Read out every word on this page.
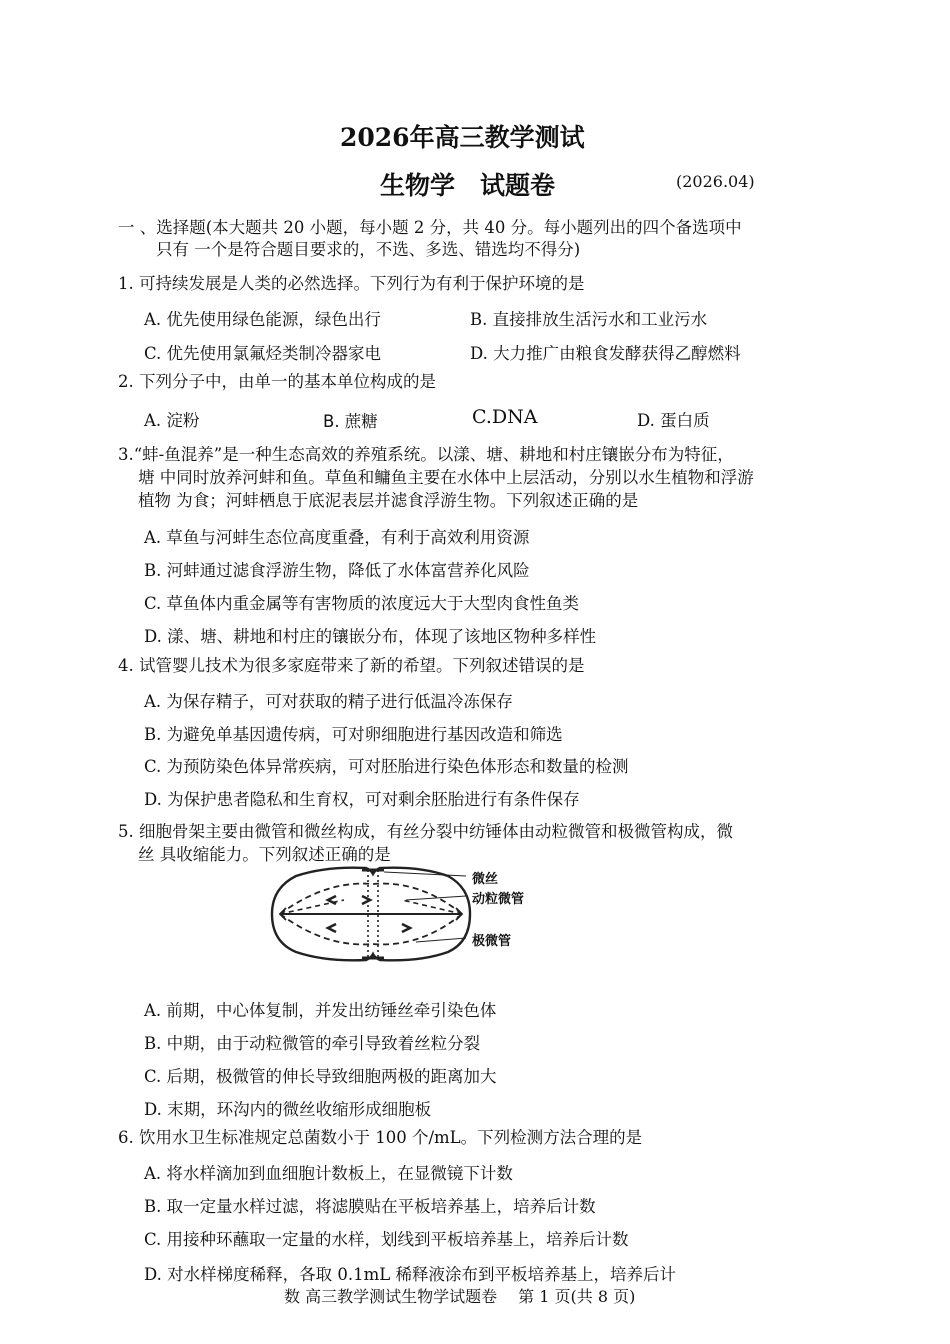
2026年高三教学测试
生物学　试题卷	(2026.04)
一 、选择题(本大题共 20 小题，每小题 2 分，共 40 分。每小题列出的四个备选项中
只有 一个是符合题目要求的，不选、多选、错选均不得分)
1. 可持续发展是人类的必然选择。下列行为有利于保护环境的是
A. 优先使用绿色能源，绿色出行	B. 直接排放生活污水和工业污水
C. 优先使用氯氟烃类制冷器家电	D. 大力推广由粮食发酵获得乙醇燃料
2. 下列分子中，由单一的基本单位构成的是
A. 淀粉	B. 蔗糖	C.DNA	D. 蛋白质
3.“蚌-鱼混养”是一种生态高效的养殖系统。以漾、塘、耕地和村庄镶嵌分布为特征，
塘 中同时放养河蚌和鱼。草鱼和鳙鱼主要在水体中上层活动，分别以水生植物和浮游
植物 为食；河蚌栖息于底泥表层并滤食浮游生物。下列叙述正确的是
A. 草鱼与河蚌生态位高度重叠，有利于高效利用资源
B. 河蚌通过滤食浮游生物，降低了水体富营养化风险
C. 草鱼体内重金属等有害物质的浓度远大于大型肉食性鱼类
D. 漾、塘、耕地和村庄的镶嵌分布，体现了该地区物种多样性
4. 试管婴儿技术为很多家庭带来了新的希望。下列叙述错误的是
A. 为保存精子，可对获取的精子进行低温冷冻保存
B. 为避免单基因遗传病，可对卵细胞进行基因改造和筛选
C. 为预防染色体异常疾病，可对胚胎进行染色体形态和数量的检测
D. 为保护患者隐私和生育权，可对剩余胚胎进行有条件保存
5. 细胞骨架主要由微管和微丝构成，有丝分裂中纺锤体由动粒微管和极微管构成，微
丝 具收缩能力。下列叙述正确的是
微丝
动粒微管
极微管
A. 前期，中心体复制，并发出纺锤丝牵引染色体
B. 中期，由于动粒微管的牵引导致着丝粒分裂
C. 后期，极微管的伸长导致细胞两极的距离加大
D. 末期，环沟内的微丝收缩形成细胞板
6. 饮用水卫生标准规定总菌数小于 100 个/mL。下列检测方法合理的是
A. 将水样滴加到血细胞计数板上，在显微镜下计数
B. 取一定量水样过滤，将滤膜贴在平板培养基上，培养后计数
C. 用接种环蘸取一定量的水样，划线到平板培养基上，培养后计数
D. 对水样梯度稀释，各取 0.1mL 稀释液涂布到平板培养基上，培养后计
数 高三教学测试生物学试题卷　 第 1 页(共 8 页)
